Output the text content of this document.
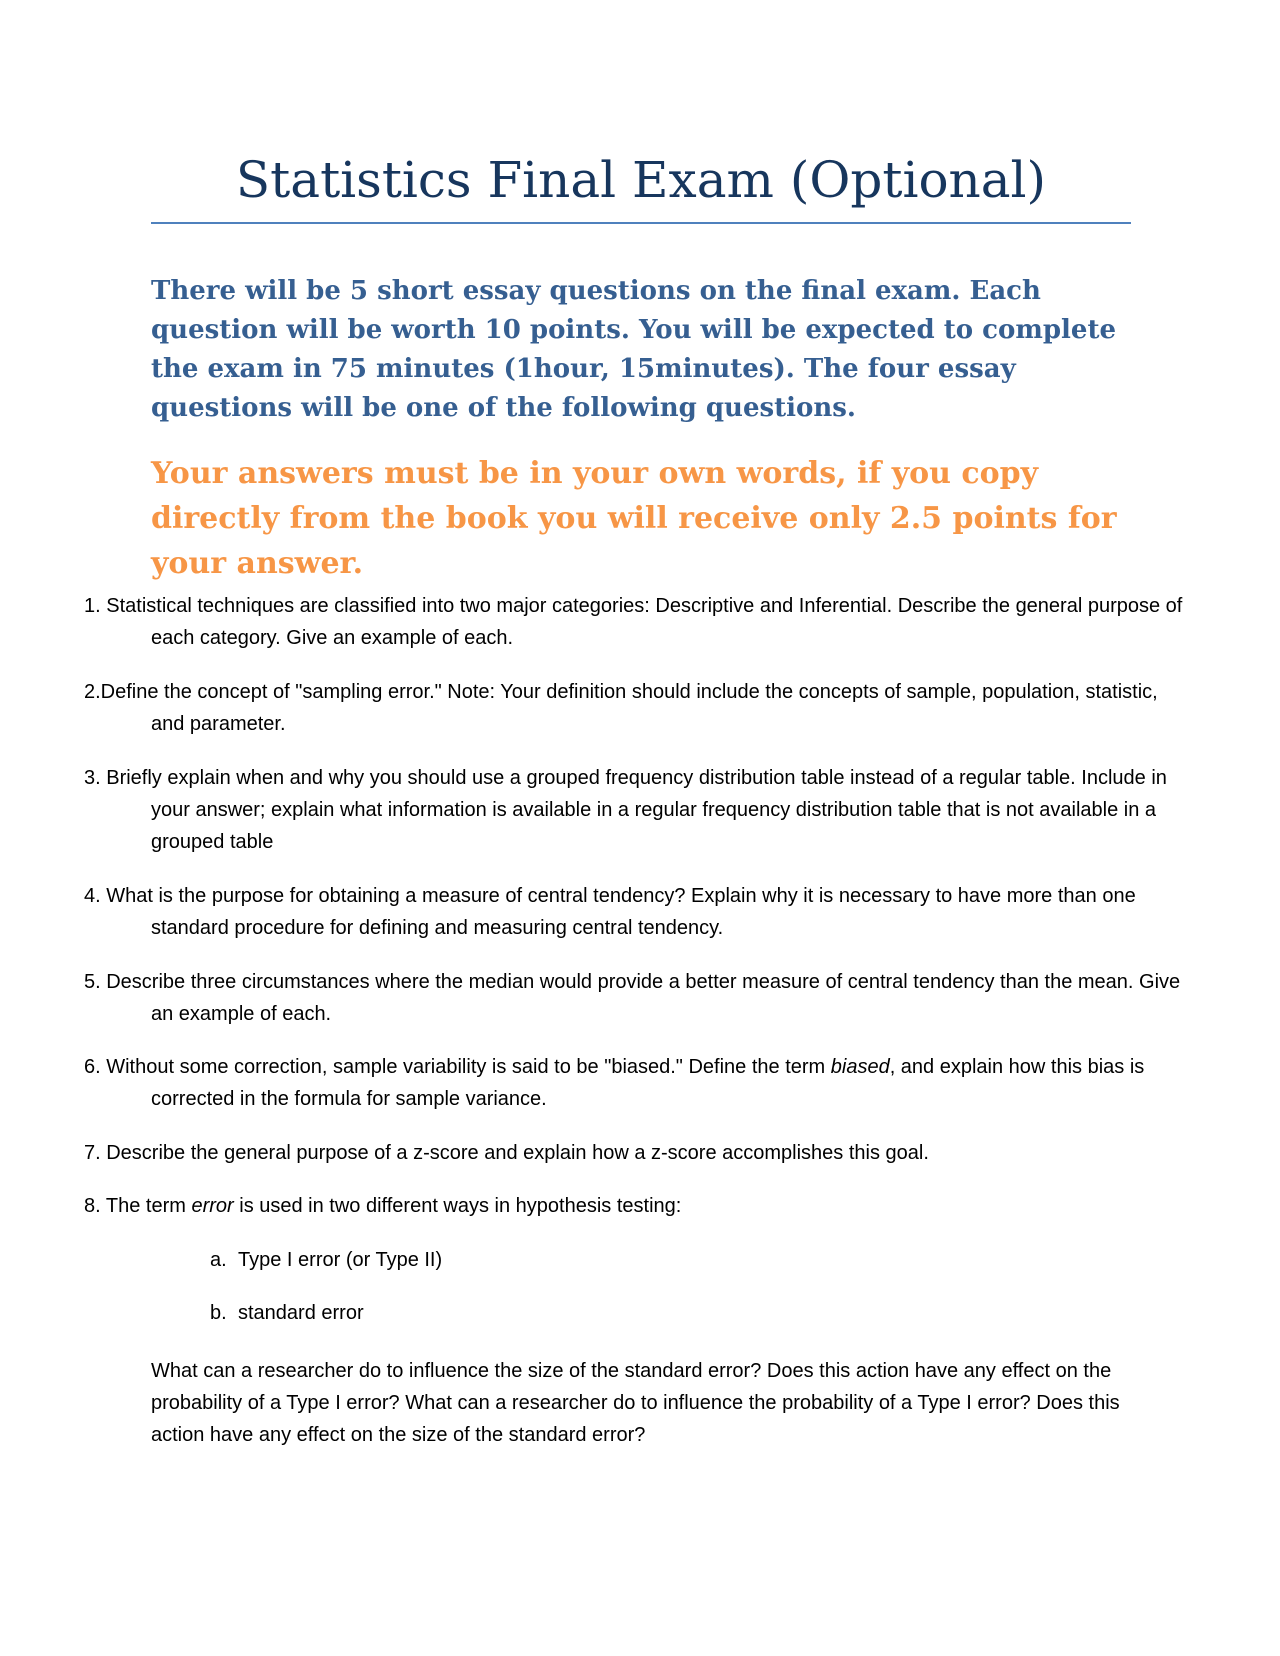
Statistics Final Exam (Optional)
There will be 5 short essay questions on the final exam. Each question will be worth 10 points. You will be expected to complete the exam in 75 minutes (1hour, 15minutes). The four essay questions will be one of the following questions.
Your answers must be in your own words, if you copy directly from the book you will receive only 2.5 points for your answer.
1. Statistical techniques are classified into two major categories: Descriptive and Inferential. Describe the general purpose of each category. Give an example of each.
2.Define the concept of "sampling error." Note: Your definition should include the concepts of sample, population, statistic, and parameter.
3. Briefly explain when and why you should use a grouped frequency distribution table instead of a regular table. Include in your answer; explain what information is available in a regular frequency distribution table that is not available in a grouped table
4. What is the purpose for obtaining a measure of central tendency? Explain why it is necessary to have more than one standard procedure for defining and measuring central tendency.
5. Describe three circumstances where the median would provide a better measure of central tendency than the mean. Give an example of each.
6. Without some correction, sample variability is said to be "biased." Define the term biased, and explain how this bias is corrected in the formula for sample variance.
7. Describe the general purpose of a z-score and explain how a z-score accomplishes this goal.
8. The term error is used in two different ways in hypothesis testing:
a. Type I error (or Type II)
b. standard error
What can a researcher do to influence the size of the standard error? Does this action have any effect on the probability of a Type I error? What can a researcher do to influence the probability of a Type I error? Does this action have any effect on the size of the standard error?
